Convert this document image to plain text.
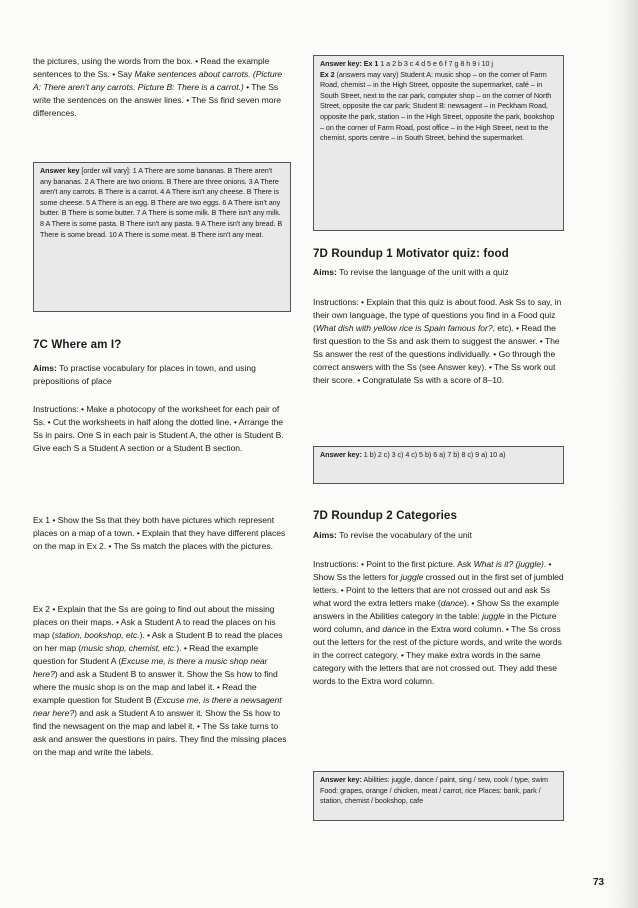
the pictures, using the words from the box. • Read the example sentences to the Ss. • Say Make sentences about carrots. (Picture A: There aren't any carrots. Picture B: There is a carrot.) • The Ss write the sentences on the answer lines. • The Ss find seven more differences.

Answer key [order will vary]: 1 A There are some bananas. B There aren't any bananas. 2 A There are two onions. B There are three onions. 3 A There aren't any carrots. B There is a carrot. 4 A There isn't any cheese. B There is some cheese. 5 A There is an egg. B There are two eggs. 6 A There isn't any butter. B There is some butter. 7 A There is some milk. B There isn't any milk. 8 A There is some pasta. B There isn't any pasta. 9 A There isn't any bread. B There is some bread. 10 A There is some meat. B There isn't any meat.
7C Where am I?

Aims: To practise vocabulary for places in town, and using prepositions of place

Instructions: • Make a photocopy of the worksheet for each pair of Ss. • Cut the worksheets in half along the dotted line. • Arrange the Ss in pairs. One S in each pair is Student A, the other is Student B. Give each S a Student A section or a Student B section.

Ex 1 • Show the Ss that they both have pictures which represent places on a map of a town. • Explain that they have different places on the map in Ex 2. • The Ss match the places with the pictures.

Ex 2 • Explain that the Ss are going to find out about the missing places on their maps. • Ask a Student A to read the places on his map (station, bookshop, etc.). • Ask a Student B to read the places on her map (music shop, chemist, etc.). • Read the example question for Student A (Excuse me, is there a music shop near here?) and ask a Student B to answer it. Show the Ss how to find where the music shop is on the map and label it. • Read the example question for Student B (Excuse me, is there a newsagent near here?) and ask a Student A to answer it. Show the Ss how to find the newsagent on the map and label it. • The Ss take turns to ask and answer the questions in pairs. They find the missing places on the map and write the labels.

Answer key: Ex 1 1 a 2 b 3 c 4 d 5 e 6 f 7 g 8 h 9 i 10 j
Ex 2 (answers may vary) Student A: music shop – on the corner of Farm Road, chemist – in the High Street, opposite the supermarket, café – in South Street, next to the car park, computer shop – on the corner of North Street, opposite the car park; Student B: newsagent – in Peckham Road, opposite the park, station – in the High Street, opposite the park, bookshop – on the corner of Farm Road, post office – in the High Street, next to the chemist, sports centre – in South Street, behind the supermarket.
7D Roundup 1 Motivator quiz: food

Aims: To revise the language of the unit with a quiz

Instructions: • Explain that this quiz is about food. Ask Ss to say, in their own language, the type of questions you find in a Food quiz (What dish with yellow rice is Spain famous for?, etc). • Read the first question to the Ss and ask them to suggest the answer. • The Ss answer the rest of the questions individually. • Go through the correct answers with the Ss (see Answer key). • The Ss work out their score. • Congratulate Ss with a score of 8–10.

Answer key: 1 b) 2 c) 3 c) 4 c) 5 b) 6 a) 7 b) 8 c) 9 a) 10 a)
7D Roundup 2 Categories

Aims: To revise the vocabulary of the unit

Instructions: • Point to the first picture. Ask What is it? (juggle). • Show Ss the letters for juggle crossed out in the first set of jumbled letters. • Point to the letters that are not crossed out and ask Ss what word the extra letters make (dance). • Show Ss the example answers in the Abilities category in the table: juggle in the Picture word column, and dance in the Extra word column. • The Ss cross out the letters for the rest of the picture words, and write the words in the correct category. • They make extra words in the same category with the letters that are not crossed out. They add these words to the Extra word column.

Answer key: Abilities: juggle, dance / paint, sing / sew, cook / type, swim Food: grapes, orange / chicken, meat / carrot, rice Places: bank, park / station, chemist / bookshop, cafe
73
